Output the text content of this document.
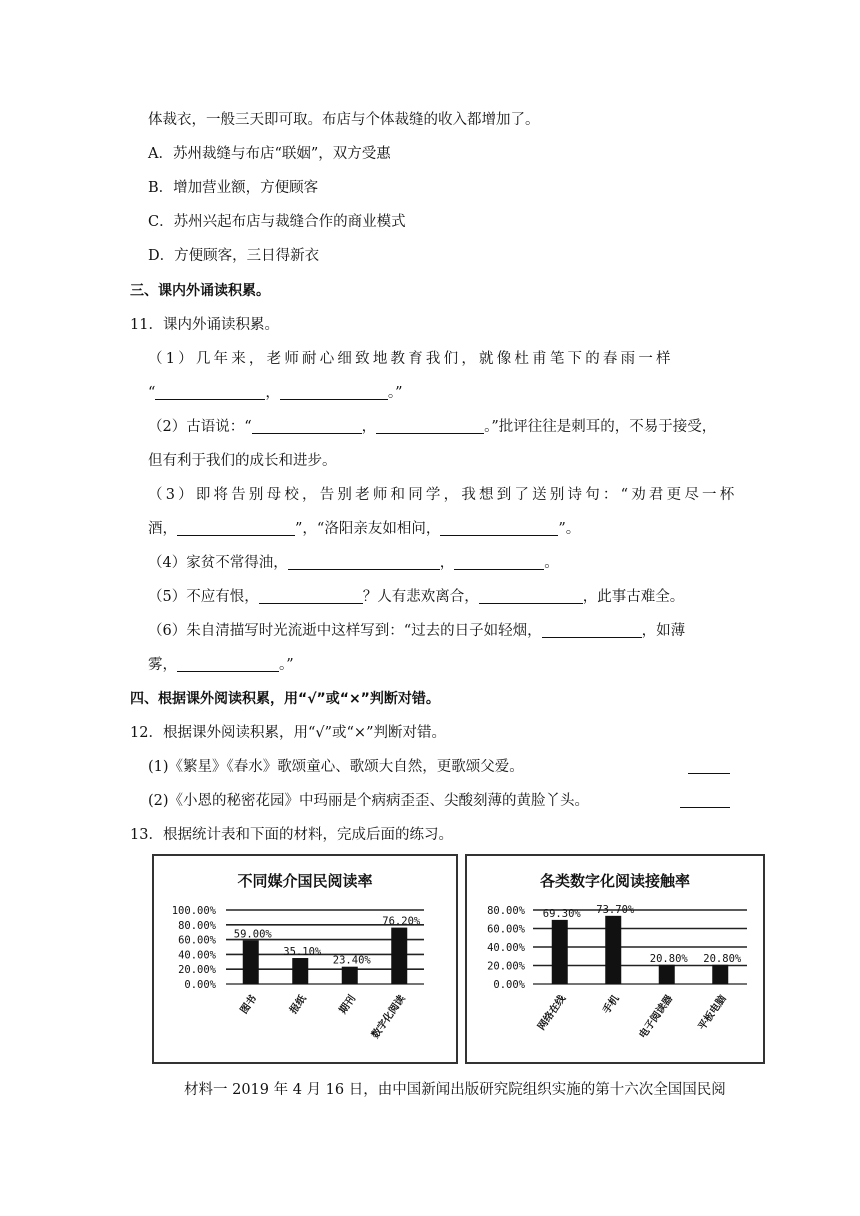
体裁衣，一般三天即可取。布店与个体裁缝的收入都增加了。
A．苏州裁缝与布店“联姻”，双方受惠
B．增加营业额，方便顾客
C．苏州兴起布店与裁缝合作的商业模式
D．方便顾客，三日得新衣
三、课内外诵读积累。
11．课内外诵读积累。
（1）几年来，老师耐心细致地教育我们，就像杜甫笔下的春雨一样
“	，	。”
（2）古语说：“	，	。”批评往往是刺耳的，不易于接受，
但有利于我们的成长和进步。
（3）即将告别母校，告别老师和同学，我想到了送别诗句：“劝君更尽一杯
酒，	”，“洛阳亲友如相问，	”。
（4）家贫不常得油，	，	。
（5）不应有恨，	？人有悲欢离合，	，此事古难全。
（6）朱自清描写时光流逝中这样写到：“过去的日子如轻烟，	，如薄
雾，	。”
四、根据课外阅读积累，用“√”或“×”判断对错。
12．根据课外阅读积累，用“√”或“×”判断对错。
(1)《繁星》《春水》歌颂童心、歌颂大自然，更歌颂父爱。
(2)《小恩的秘密花园》中玛丽是个病病歪歪、尖酸刻薄的黄脸丫头。
13．根据统计表和下面的材料，完成后面的练习。
不同媒介国民阅读率
0.00%
20.00%
40.00%
60.00%
80.00%
100.00%
59.00%
图书
35.10%
报纸
23.40%
期刊
76.20%
数字化阅读
各类数字化阅读接触率
0.00%
20.00%
40.00%
60.00%
80.00% 69.30%
网络在线
73.70%
手机
20.80%
电子阅读器
20.80%
平板电脑
材料一 2019 年 4 月 16 日，由中国新闻出版研究院组织实施的第十六次全国国民阅
